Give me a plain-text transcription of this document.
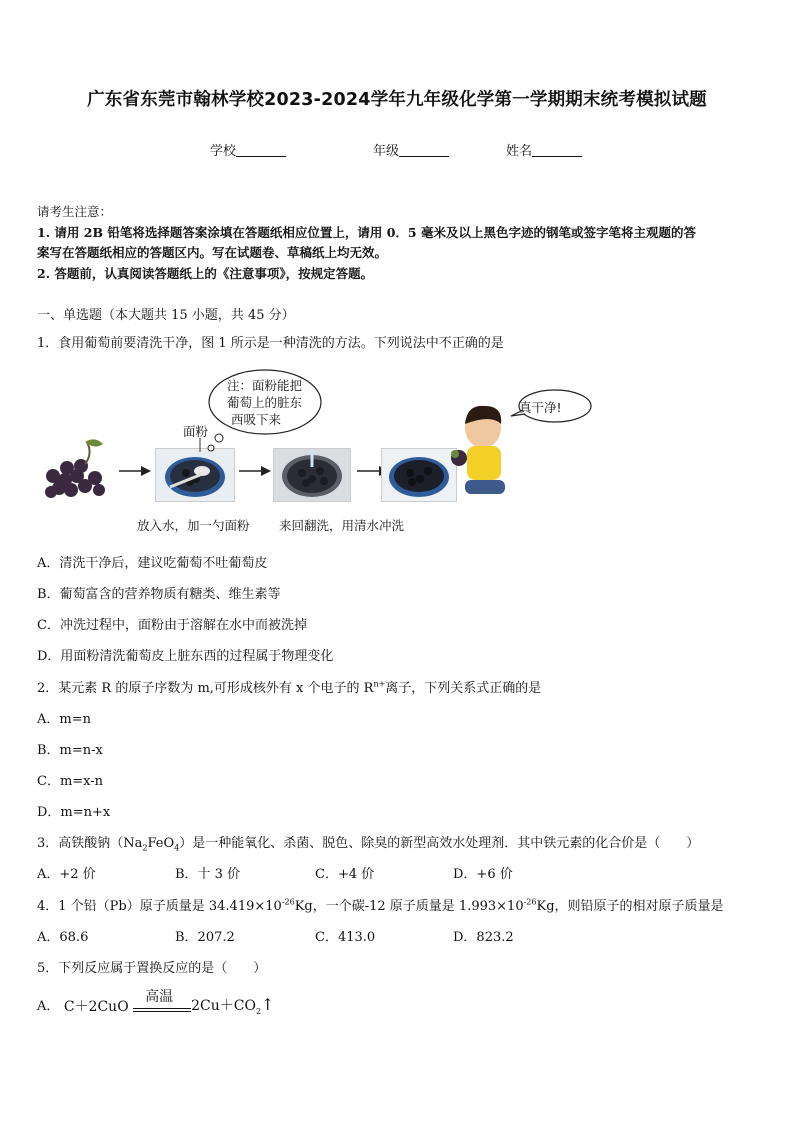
广东省东莞市翰林学校2023-2024学年九年级化学第一学期期末统考模拟试题
学校	年级	姓名
请考生注意：
1. 请用 2B 铅笔将选择题答案涂填在答题纸相应位置上，请用 0．5 毫米及以上黑色字迹的钢笔或签字笔将主观题的答
案写在答题纸相应的答题区内。写在试题卷、草稿纸上均无效。
2. 答题前，认真阅读答题纸上的《注意事项》，按规定答题。
一、单选题（本大题共 15 小题，共 45 分）
1．食用葡萄前要清洗干净，图 1 所示是一种清洗的方法。下列说法中不正确的是
面粉
注：面粉能把
葡萄上的脏东
西吸下来
真干净!
放入水，加一勺面粉 来回翻洗，用清水冲洗
A．清洗干净后，建议吃葡萄不吐葡萄皮
B．葡萄富含的营养物质有糖类、维生素等
C．冲洗过程中，面粉由于溶解在水中而被洗掉
D．用面粉清洗葡萄皮上脏东西的过程属于物理变化
2．某元素 R 的原子序数为 m,可形成核外有 x 个电子的 $R^{n+}$离子，下列关系式正确的是
A．m=n
B．m=n-x
C．m=x-n
D．m=n+x
3．高铁酸钠$(Na_2FeO_4)$是一种能氧化、杀菌、脱色、除臭的新型高效水处理剂．其中铁元素的化合价是（　　）
A．+2 价	B．十 3 价	C．+4 价	D．+6 价
4．1 个铅（Pb）原子质量是 $34.419\times 10^{-26}Kg$，一个碳-12 原子质量是 $1.993\times 10^{-26}Kg$，则铅原子的相对原子质量是
A．68.6	B．207.2	C．413.0	D．823.2
5．下列反应属于置换反应的是（　　）
A． C＋2CuO
高温
$2Cu+CO_2↑$
